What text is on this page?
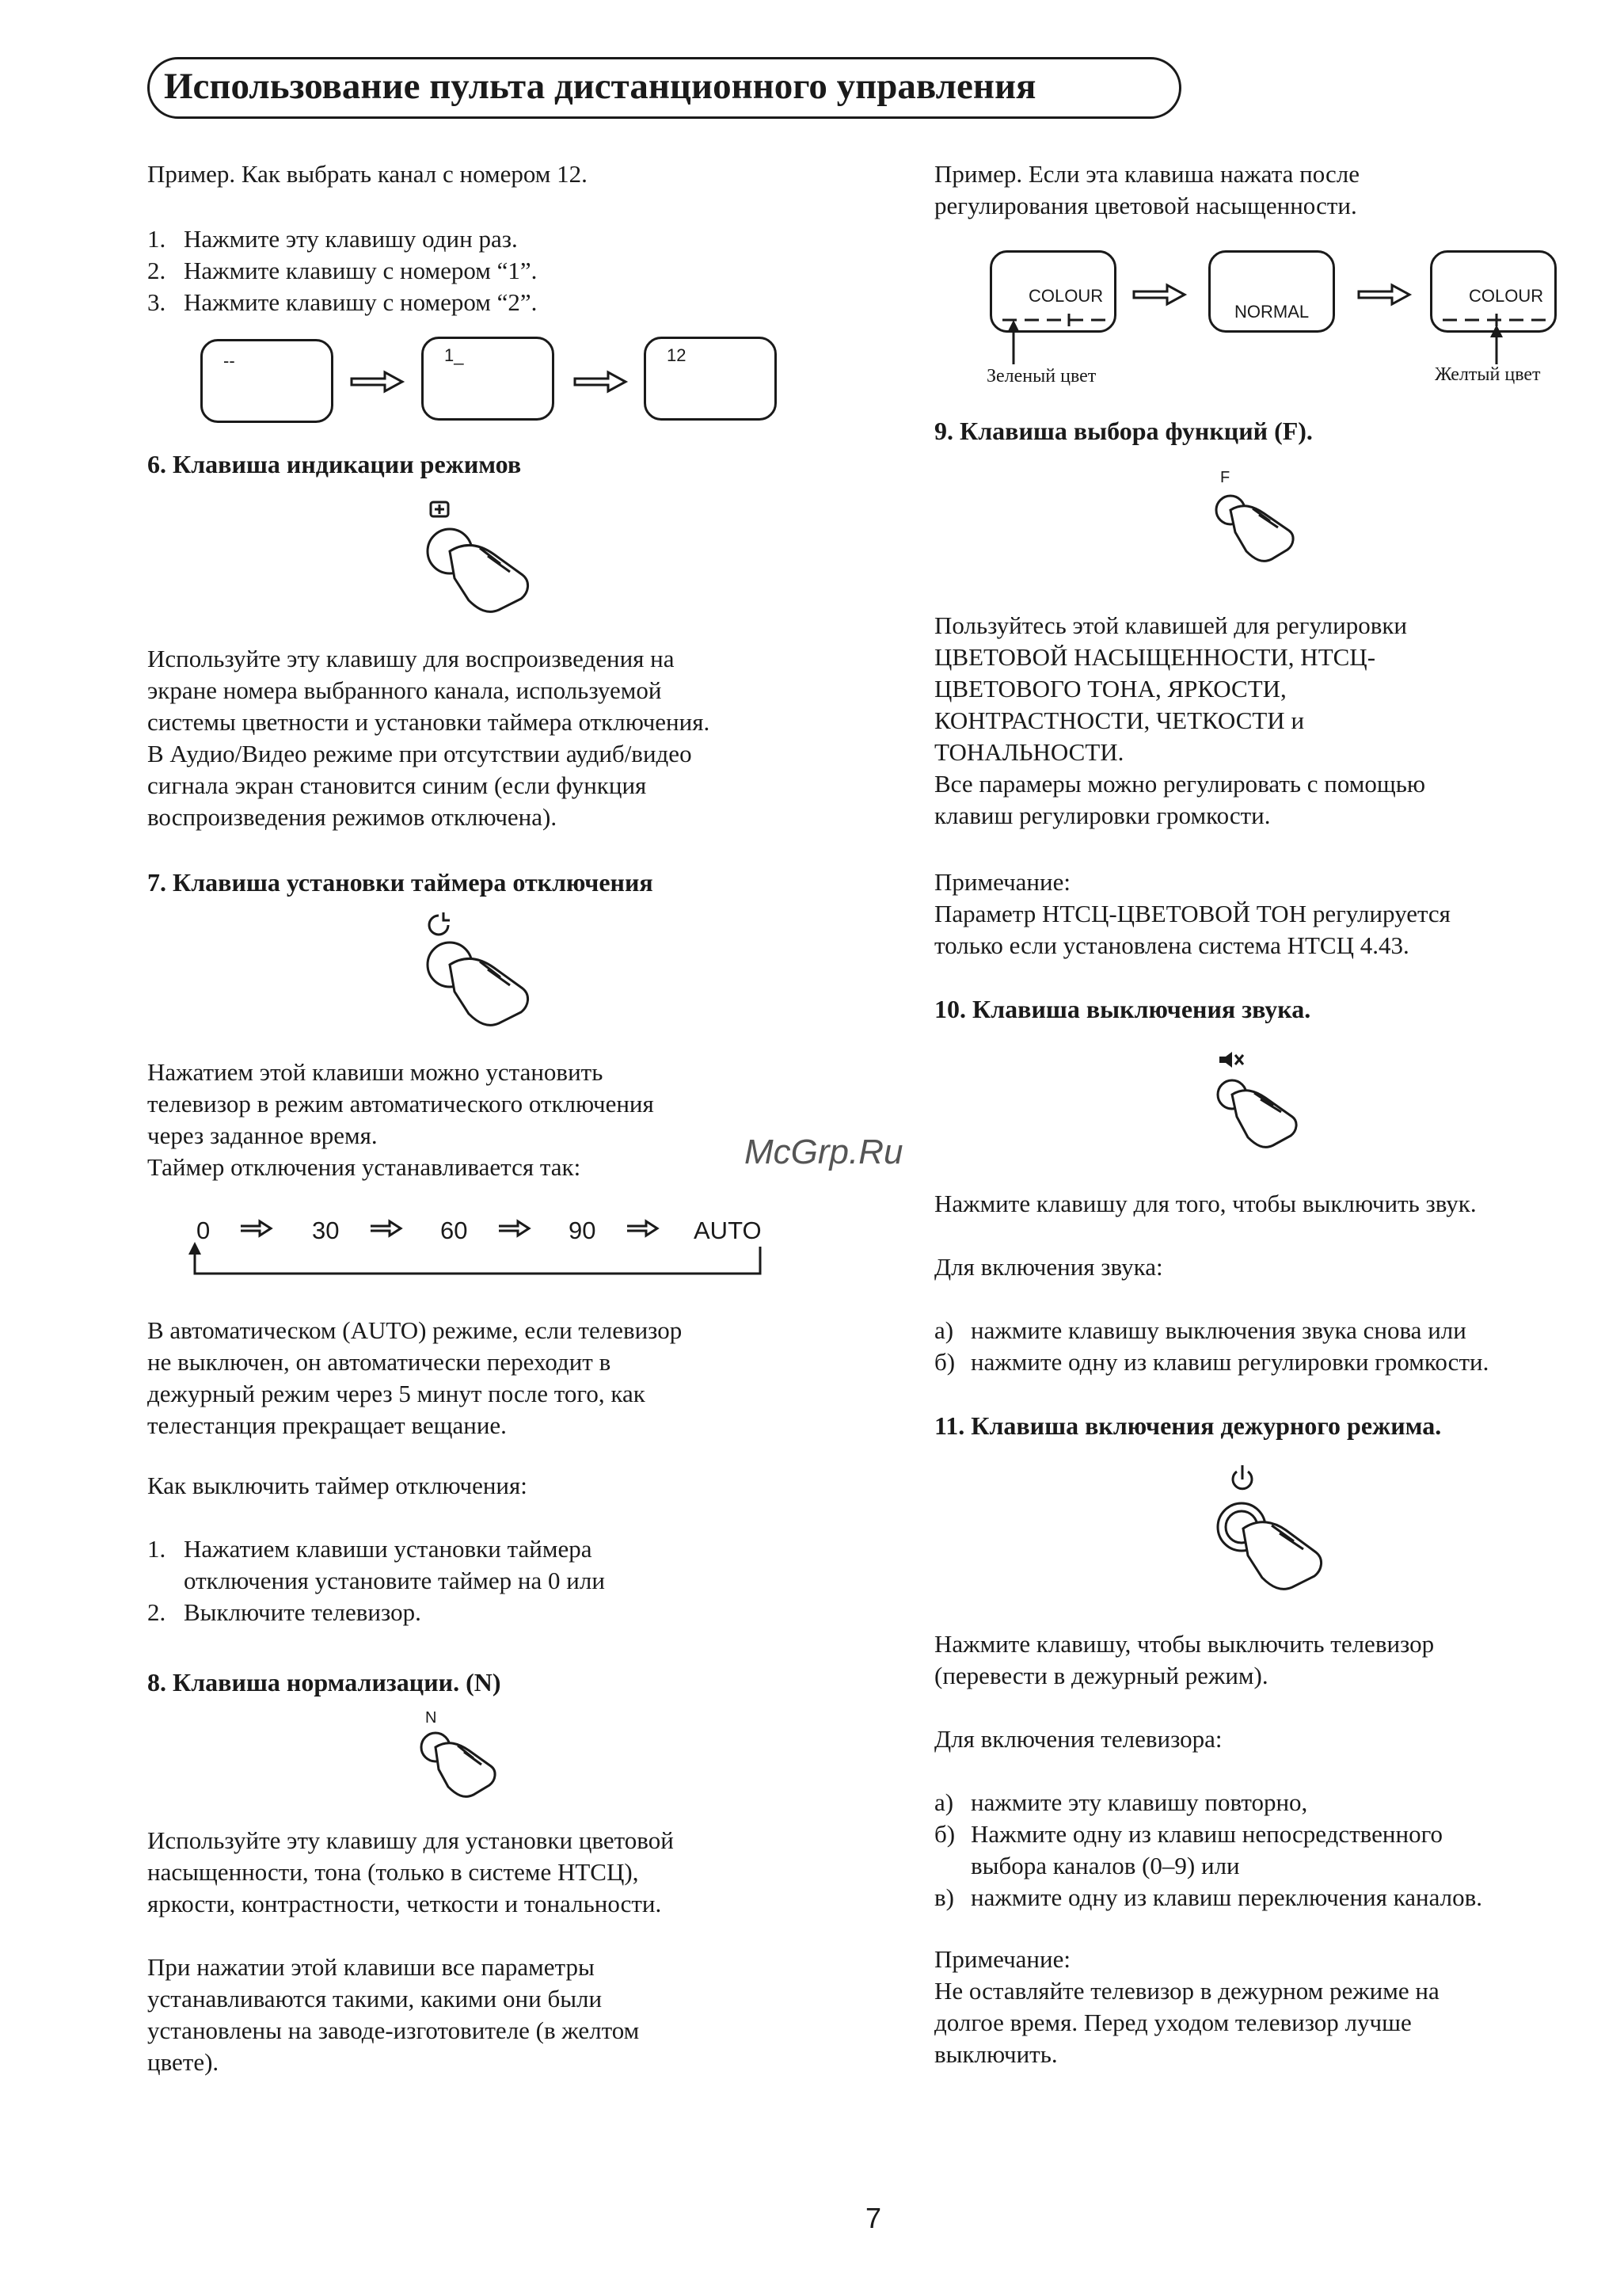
Использование пульта дистанционного управления
Пример. Как выбрать канал с номером 12.
1. Нажмите эту клавишу один раз.
2. Нажмите клавишу с номером “1”.
3. Нажмите клавишу с номером “2”.
--	1_	12
6. Клавиша индикации режимов
Используйте эту клавишу для воспроизведения на
экране номера выбранного канала, используемой
системы цветности и установки таймера отключения.
В Аудио/Видео режиме при отсутствии аудиб/видео
сигнала экран становится синим (если функция
воспроизведения режимов отключена).
7. Клавиша установки таймера отключения
Нажатием этой клавиши можно установить
телевизор в режим автоматического отключения
через заданное время.
Таймер отключения устанавливается так:
0	30	60	90	AUTO
В автоматическом (AUTO) режиме, если телевизор
не выключен, он автоматически переходит в
дежурный режим через 5 минут после того, как
телестанция прекращает вещание.
Как выключить таймер отключения:
1. Нажатием клавиши установки таймера
отключения установите таймер на 0 или
2. Выключите телевизор.
8. Клавиша нормализации. (N)
N
Используйте эту клавишу для установки цветовой
насыщенности, тона (только в системе НТСЦ),
яркости, контрастности, четкости и тональности.
При нажатии этой клавиши все параметры
устанавливаются такими, какими они были
установлены на заводе-изготовителе (в желтом
цвете).
Пример. Если эта клавиша нажата после
регулирования цветовой насыщенности.
COLOUR
NORMAL
COLOUR
Зеленый цвет	Желтый цвет
9. Клавиша выбора функций (F).
F
Пользуйтесь этой клавишей для регулировки
ЦВЕТОВОЙ НАСЫЩЕННОСТИ, НТСЦ-
ЦВЕТОВОГО ТОНА, ЯРКОСТИ,
КОНТРАСТНОСТИ, ЧЕТКОСТИ и
ТОНАЛЬНОСТИ.
Все парамеры можно регулировать с помощью
клавиш регулировки громкости.
Примечание:
Параметр НТСЦ-ЦВЕТОВОЙ ТОН регулируется
только если установлена система НТСЦ 4.43.
10. Клавиша выключения звука.
Нажмите клавишу для того, чтобы выключить звук.
Для включения звука:
а) нажмите клавишу выключения звука снова или
б) нажмите одну из клавиш регулировки громкости.
11. Клавиша включения дежурного режима.
Нажмите клавишу, чтобы выключить телевизор
(перевести в дежурный режим).
Для включения телевизора:
а) нажмите эту клавишу повторно,
б) Нажмите одну из клавиш непосредственного
выбора каналов (0–9) или
в) нажмите одну из клавиш переключения каналов.
Примечание:
Не оставляйте телевизор в дежурном режиме на
долгое время. Перед уходом телевизор лучше
выключить.
McGrp.Ru
7
